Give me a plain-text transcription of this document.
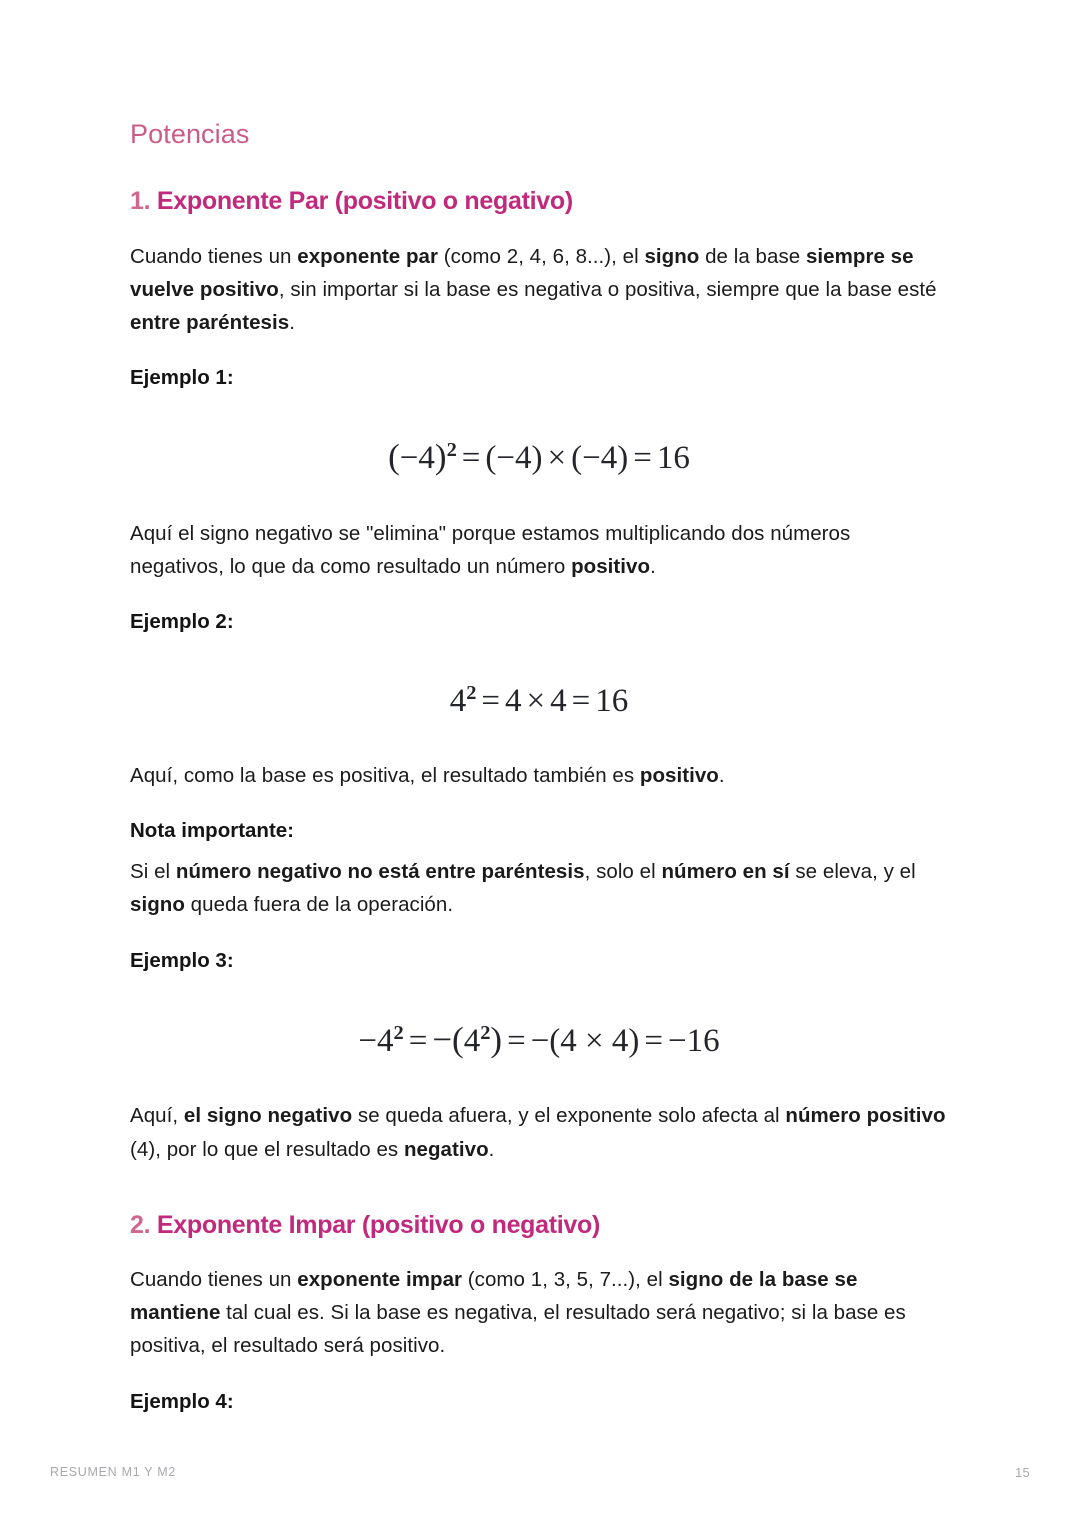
Potencias
1. Exponente Par (positivo o negativo)

Cuando tienes un exponente par (como 2, 4, 6, 8...), el signo de la base siempre se vuelve positivo, sin importar si la base es negativa o positiva, siempre que la base esté entre paréntesis.

Ejemplo 1:

$(-4)^2 = (-4) \times (-4) = 16$

Aquí el signo negativo se "elimina" porque estamos multiplicando dos números negativos, lo que da como resultado un número positivo.

Ejemplo 2:

$4^2 = 4 \times 4 = 16$

Aquí, como la base es positiva, el resultado también es positivo.

Nota importante:

Si el número negativo no está entre paréntesis, solo el número en sí se eleva, y el signo queda fuera de la operación.

Ejemplo 3:

$-4^2 = -(4^2) = -(4 \times 4) = -16$

Aquí, el signo negativo se queda afuera, y el exponente solo afecta al número positivo (4), por lo que el resultado es negativo.

2. Exponente Impar (positivo o negativo)

Cuando tienes un exponente impar (como 1, 3, 5, 7...), el signo de la base se mantiene tal cual es. Si la base es negativa, el resultado será negativo; si la base es positiva, el resultado será positivo.

Ejemplo 4:

RESUMEN M1 Y M2	15
